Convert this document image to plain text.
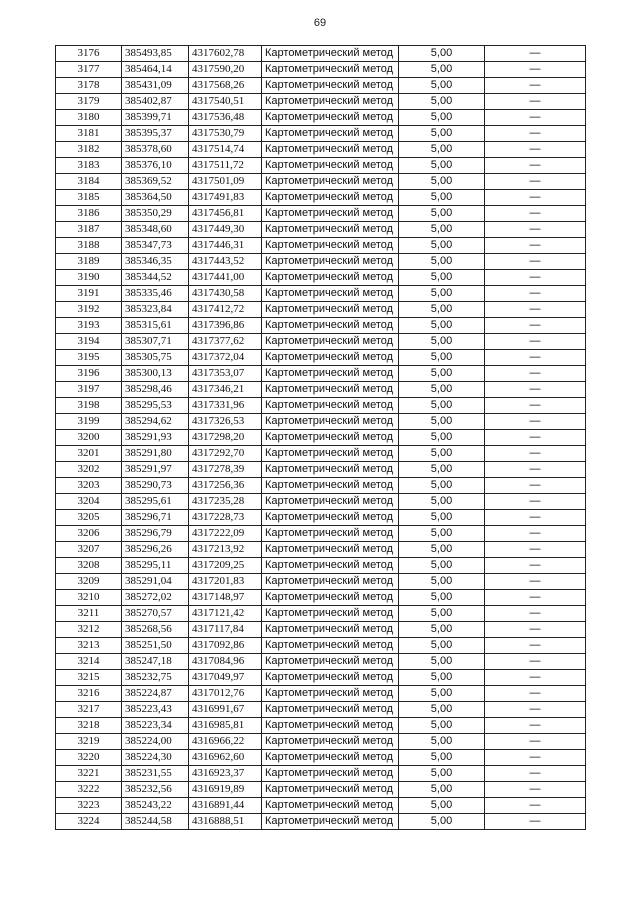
69
3176	385493,85	4317602,78	Картометрический метод	5,00	—
3177	385464,14	4317590,20	Картометрический метод	5,00	—
3178	385431,09	4317568,26	Картометрический метод	5,00	—
3179	385402,87	4317540,51	Картометрический метод	5,00	—
3180	385399,71	4317536,48	Картометрический метод	5,00	—
3181	385395,37	4317530,79	Картометрический метод	5,00	—
3182	385378,60	4317514,74	Картометрический метод	5,00	—
3183	385376,10	4317511,72	Картометрический метод	5,00	—
3184	385369,52	4317501,09	Картометрический метод	5,00	—
3185	385364,50	4317491,83	Картометрический метод	5,00	—
3186	385350,29	4317456,81	Картометрический метод	5,00	—
3187	385348,60	4317449,30	Картометрический метод	5,00	—
3188	385347,73	4317446,31	Картометрический метод	5,00	—
3189	385346,35	4317443,52	Картометрический метод	5,00	—
3190	385344,52	4317441,00	Картометрический метод	5,00	—
3191	385335,46	4317430,58	Картометрический метод	5,00	—
3192	385323,84	4317412,72	Картометрический метод	5,00	—
3193	385315,61	4317396,86	Картометрический метод	5,00	—
3194	385307,71	4317377,62	Картометрический метод	5,00	—
3195	385305,75	4317372,04	Картометрический метод	5,00	—
3196	385300,13	4317353,07	Картометрический метод	5,00	—
3197	385298,46	4317346,21	Картометрический метод	5,00	—
3198	385295,53	4317331,96	Картометрический метод	5,00	—
3199	385294,62	4317326,53	Картометрический метод	5,00	—
3200	385291,93	4317298,20	Картометрический метод	5,00	—
3201	385291,80	4317292,70	Картометрический метод	5,00	—
3202	385291,97	4317278,39	Картометрический метод	5,00	—
3203	385290,73	4317256,36	Картометрический метод	5,00	—
3204	385295,61	4317235,28	Картометрический метод	5,00	—
3205	385296,71	4317228,73	Картометрический метод	5,00	—
3206	385296,79	4317222,09	Картометрический метод	5,00	—
3207	385296,26	4317213,92	Картометрический метод	5,00	—
3208	385295,11	4317209,25	Картометрический метод	5,00	—
3209	385291,04	4317201,83	Картометрический метод	5,00	—
3210	385272,02	4317148,97	Картометрический метод	5,00	—
3211	385270,57	4317121,42	Картометрический метод	5,00	—
3212	385268,56	4317117,84	Картометрический метод	5,00	—
3213	385251,50	4317092,86	Картометрический метод	5,00	—
3214	385247,18	4317084,96	Картометрический метод	5,00	—
3215	385232,75	4317049,97	Картометрический метод	5,00	—
3216	385224,87	4317012,76	Картометрический метод	5,00	—
3217	385223,43	4316991,67	Картометрический метод	5,00	—
3218	385223,34	4316985,81	Картометрический метод	5,00	—
3219	385224,00	4316966,22	Картометрический метод	5,00	—
3220	385224,30	4316962,60	Картометрический метод	5,00	—
3221	385231,55	4316923,37	Картометрический метод	5,00	—
3222	385232,56	4316919,89	Картометрический метод	5,00	—
3223	385243,22	4316891,44	Картометрический метод	5,00	—
3224	385244,58	4316888,51	Картометрический метод	5,00	—
